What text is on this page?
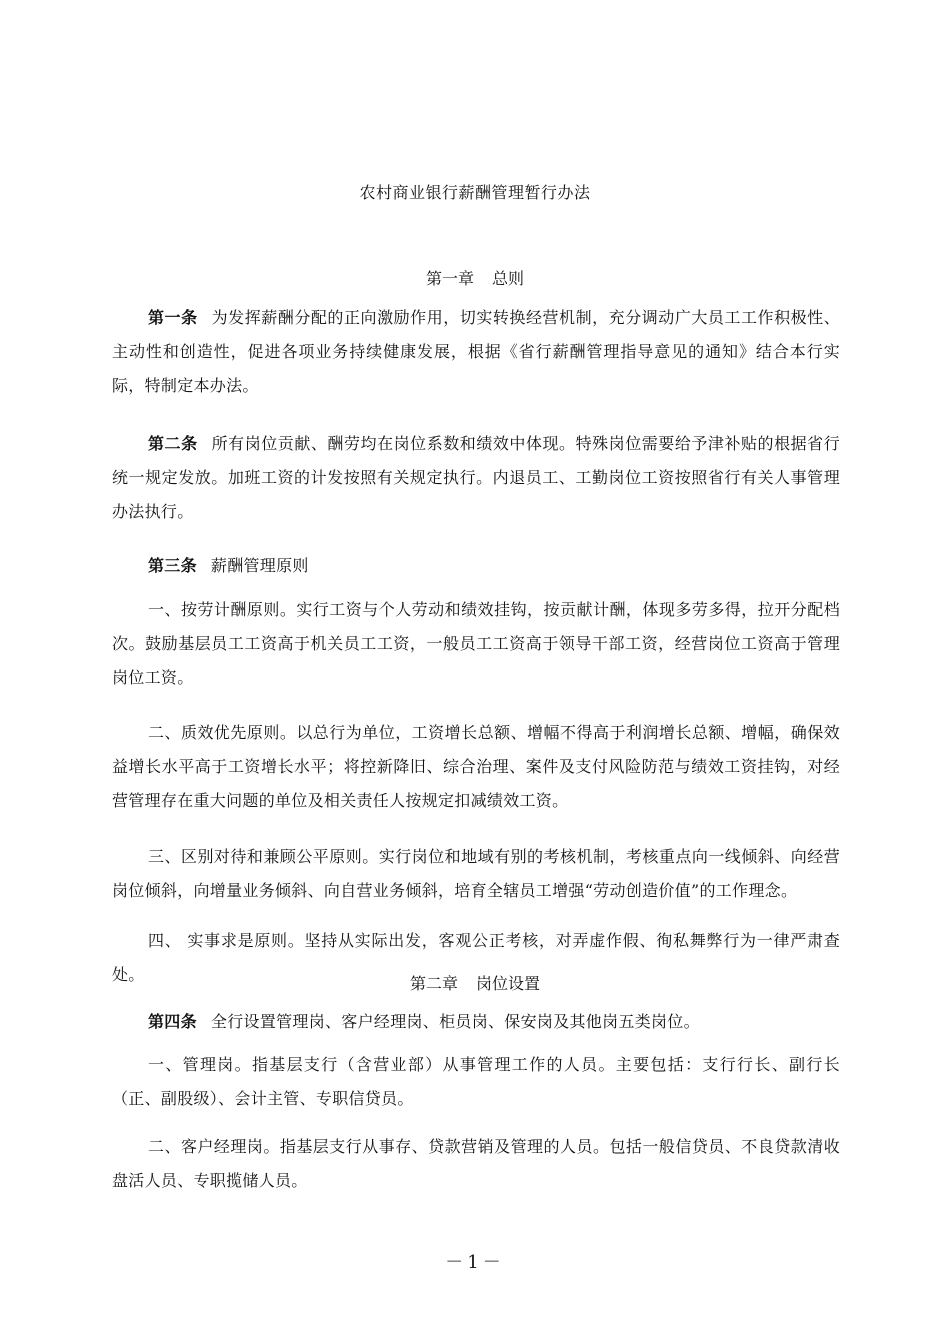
农村商业银行薪酬管理暂行办法
第一章 总则
第一条 为发挥薪酬分配的正向激励作用，切实转换经营机制，充分调动广大员工工作积极性、主动性和创造性，促进各项业务持续健康发展，根据《省行薪酬管理指导意见的通知》结合本行实际，特制定本办法。
第二条 所有岗位贡献、酬劳均在岗位系数和绩效中体现。特殊岗位需要给予津补贴的根据省行统一规定发放。加班工资的计发按照有关规定执行。内退员工、工勤岗位工资按照省行有关人事管理办法执行。
第三条 薪酬管理原则
一、按劳计酬原则。实行工资与个人劳动和绩效挂钩，按贡献计酬，体现多劳多得，拉开分配档次。鼓励基层员工工资高于机关员工工资，一般员工工资高于领导干部工资，经营岗位工资高于管理岗位工资。
二、质效优先原则。以总行为单位，工资增长总额、增幅不得高于利润增长总额、增幅，确保效益增长水平高于工资增长水平；将控新降旧、综合治理、案件及支付风险防范与绩效工资挂钩，对经营管理存在重大问题的单位及相关责任人按规定扣减绩效工资。
三、区别对待和兼顾公平原则。实行岗位和地域有别的考核机制，考核重点向一线倾斜、向经营岗位倾斜，向增量业务倾斜、向自营业务倾斜，培育全辖员工增强“劳动创造价值”的工作理念。
四、 实事求是原则。坚持从实际出发，客观公正考核，对弄虚作假、徇私舞弊行为一律严肃查处。	第二章 岗位设置
第四条 全行设置管理岗、客户经理岗、柜员岗、保安岗及其他岗五类岗位。
一、管理岗。指基层支行（含营业部）从事管理工作的人员。主要包括：支行行长、副行长（正、副股级）、会计主管、专职信贷员。
二、客户经理岗。指基层支行从事存、贷款营销及管理的人员。包括一般信贷员、不良贷款清收盘活人员、专职揽储人员。
－1－
